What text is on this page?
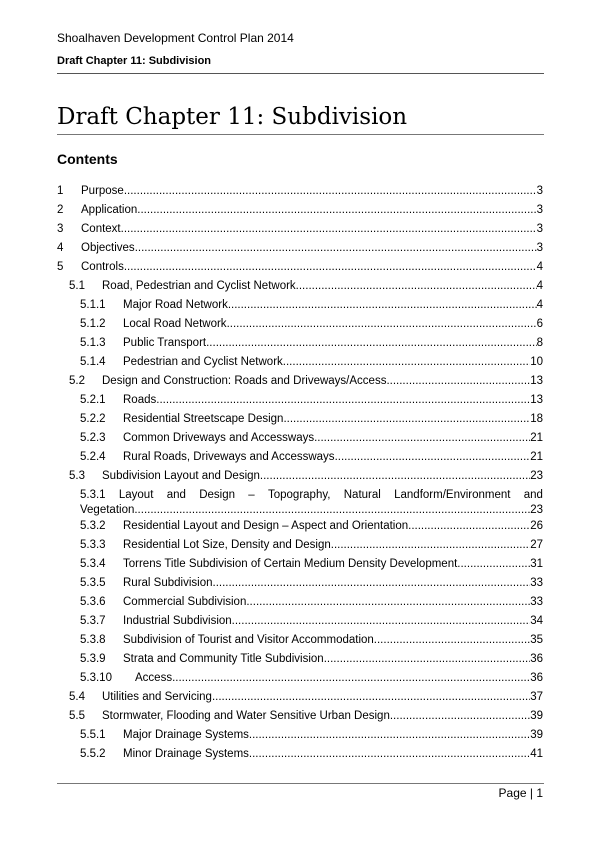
Shoalhaven Development Control Plan 2014
Draft Chapter 11: Subdivision
Draft Chapter 11: Subdivision
Contents
1	Purpose .....	3
2	Application .....	3
3	Context .....	3
4	Objectives .....	3
5	Controls .....	4
5.1	Road, Pedestrian and Cyclist Network .....	4
5.1.1	Major Road Network .....	4
5.1.2	Local Road Network .....	6
5.1.3	Public Transport .....	8
5.1.4	Pedestrian and Cyclist Network .....	10
5.2	Design and Construction: Roads and Driveways/Access .....	13
5.2.1	Roads .....	13
5.2.2	Residential Streetscape Design .....	18
5.2.3	Common Driveways and Accessways .....	21
5.2.4	Rural Roads, Driveways and Accessways .....	21
5.3	Subdivision Layout and Design .....	23
5.3.1 Layout and Design – Topography, Natural Landform/Environment and
Vegetation .....	23
5.3.2	Residential Layout and Design – Aspect and Orientation .....	26
5.3.3	Residential Lot Size, Density and Design .....	27
5.3.4	Torrens Title Subdivision of Certain Medium Density Development .....	31
5.3.5	Rural Subdivision .....	33
5.3.6	Commercial Subdivision .....	33
5.3.7	Industrial Subdivision .....	34
5.3.8	Subdivision of Tourist and Visitor Accommodation .....	35
5.3.9	Strata and Community Title Subdivision .....	36
5.3.10	Access .....	36
5.4	Utilities and Servicing .....	37
5.5	Stormwater, Flooding and Water Sensitive Urban Design .....	39
5.5.1	Major Drainage Systems .....	39
5.5.2	Minor Drainage Systems .....	41
Page | 1
